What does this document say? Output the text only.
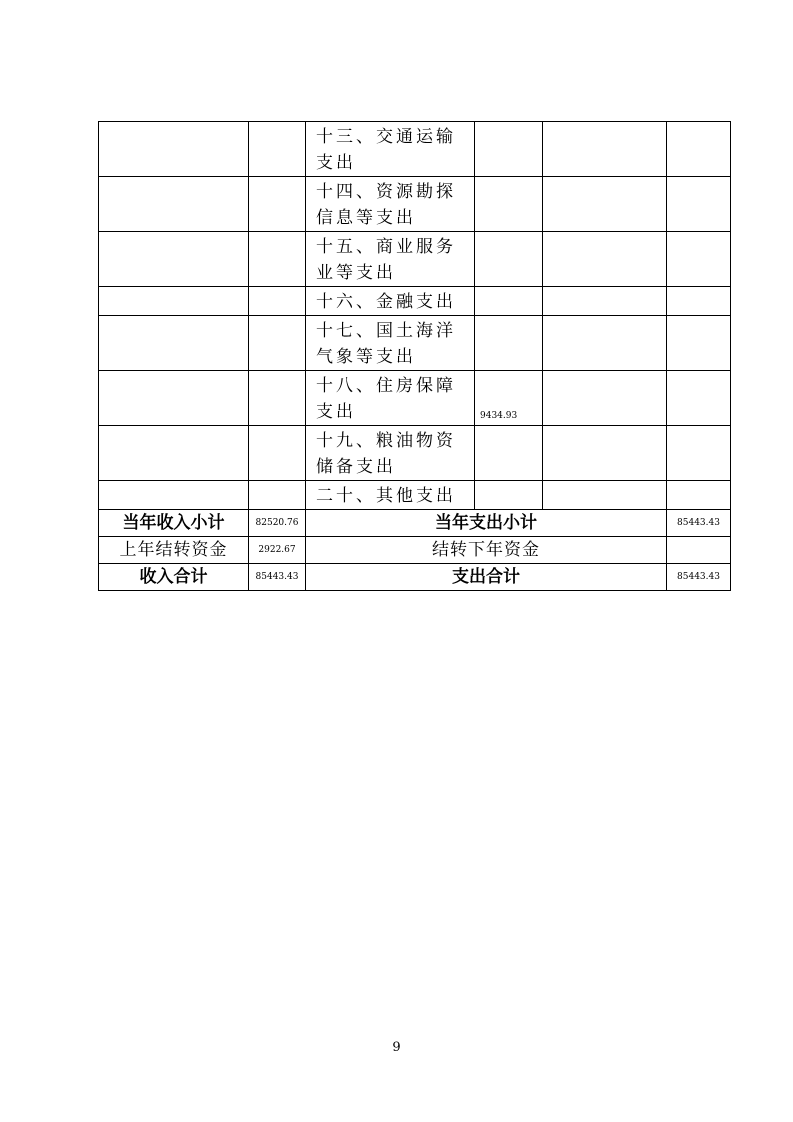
		十三、交通运输支出			
		十四、资源勘探信息等支出			
		十五、商业服务业等支出			
		十六、金融支出			
		十七、国土海洋气象等支出			
		十八、住房保障支出	9434.93		
		十九、粮油物资储备支出			
		二十、其他支出			
当年收入小计	82520.76	当年支出小计			85443.43
上年结转资金	2922.67	结转下年资金			
收入合计	85443.43	支出合计			85443.43
9
